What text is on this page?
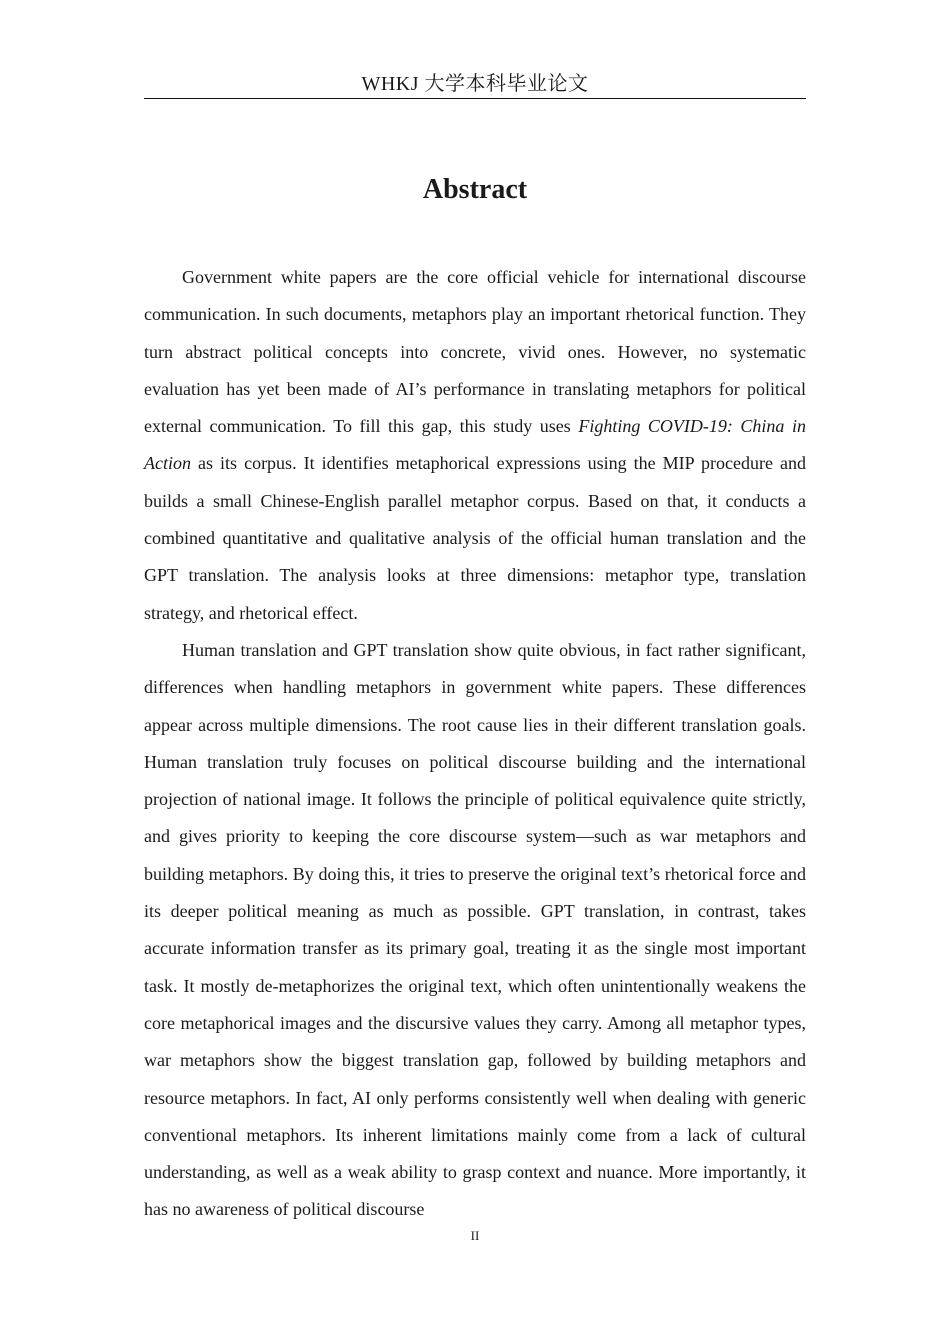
WHKJ 大学本科毕业论文
Abstract

Government white papers are the core official vehicle for international discourse communication. In such documents, metaphors play an important rhetorical function. They turn abstract political concepts into concrete, vivid ones. However, no systematic evaluation has yet been made of AI’s performance in translating metaphors for political external communication. To fill this gap, this study uses Fighting COVID-19: China in Action as its corpus. It identifies metaphorical expressions using the MIP procedure and builds a small Chinese-English parallel metaphor corpus. Based on that, it conducts a combined quantitative and qualitative analysis of the official human translation and the GPT translation. The analysis looks at three dimensions: metaphor type, translation strategy, and rhetorical effect.

Human translation and GPT translation show quite obvious, in fact rather significant, differences when handling metaphors in government white papers. These differences appear across multiple dimensions. The root cause lies in their different translation goals. Human translation truly focuses on political discourse building and the international projection of national image. It follows the principle of political equivalence quite strictly, and gives priority to keeping the core discourse system—such as war metaphors and building metaphors. By doing this, it tries to preserve the original text’s rhetorical force and its deeper political meaning as much as possible. GPT translation, in contrast, takes accurate information transfer as its primary goal, treating it as the single most important task. It mostly de-metaphorizes the original text, which often unintentionally weakens the core metaphorical images and the discursive values they carry. Among all metaphor types, war metaphors show the biggest translation gap, followed by building metaphors and resource metaphors. In fact, AI only performs consistently well when dealing with generic conventional metaphors. Its inherent limitations mainly come from a lack of cultural understanding, as well as a weak ability to grasp context and nuance. More importantly, it has no awareness of political discourse

II
